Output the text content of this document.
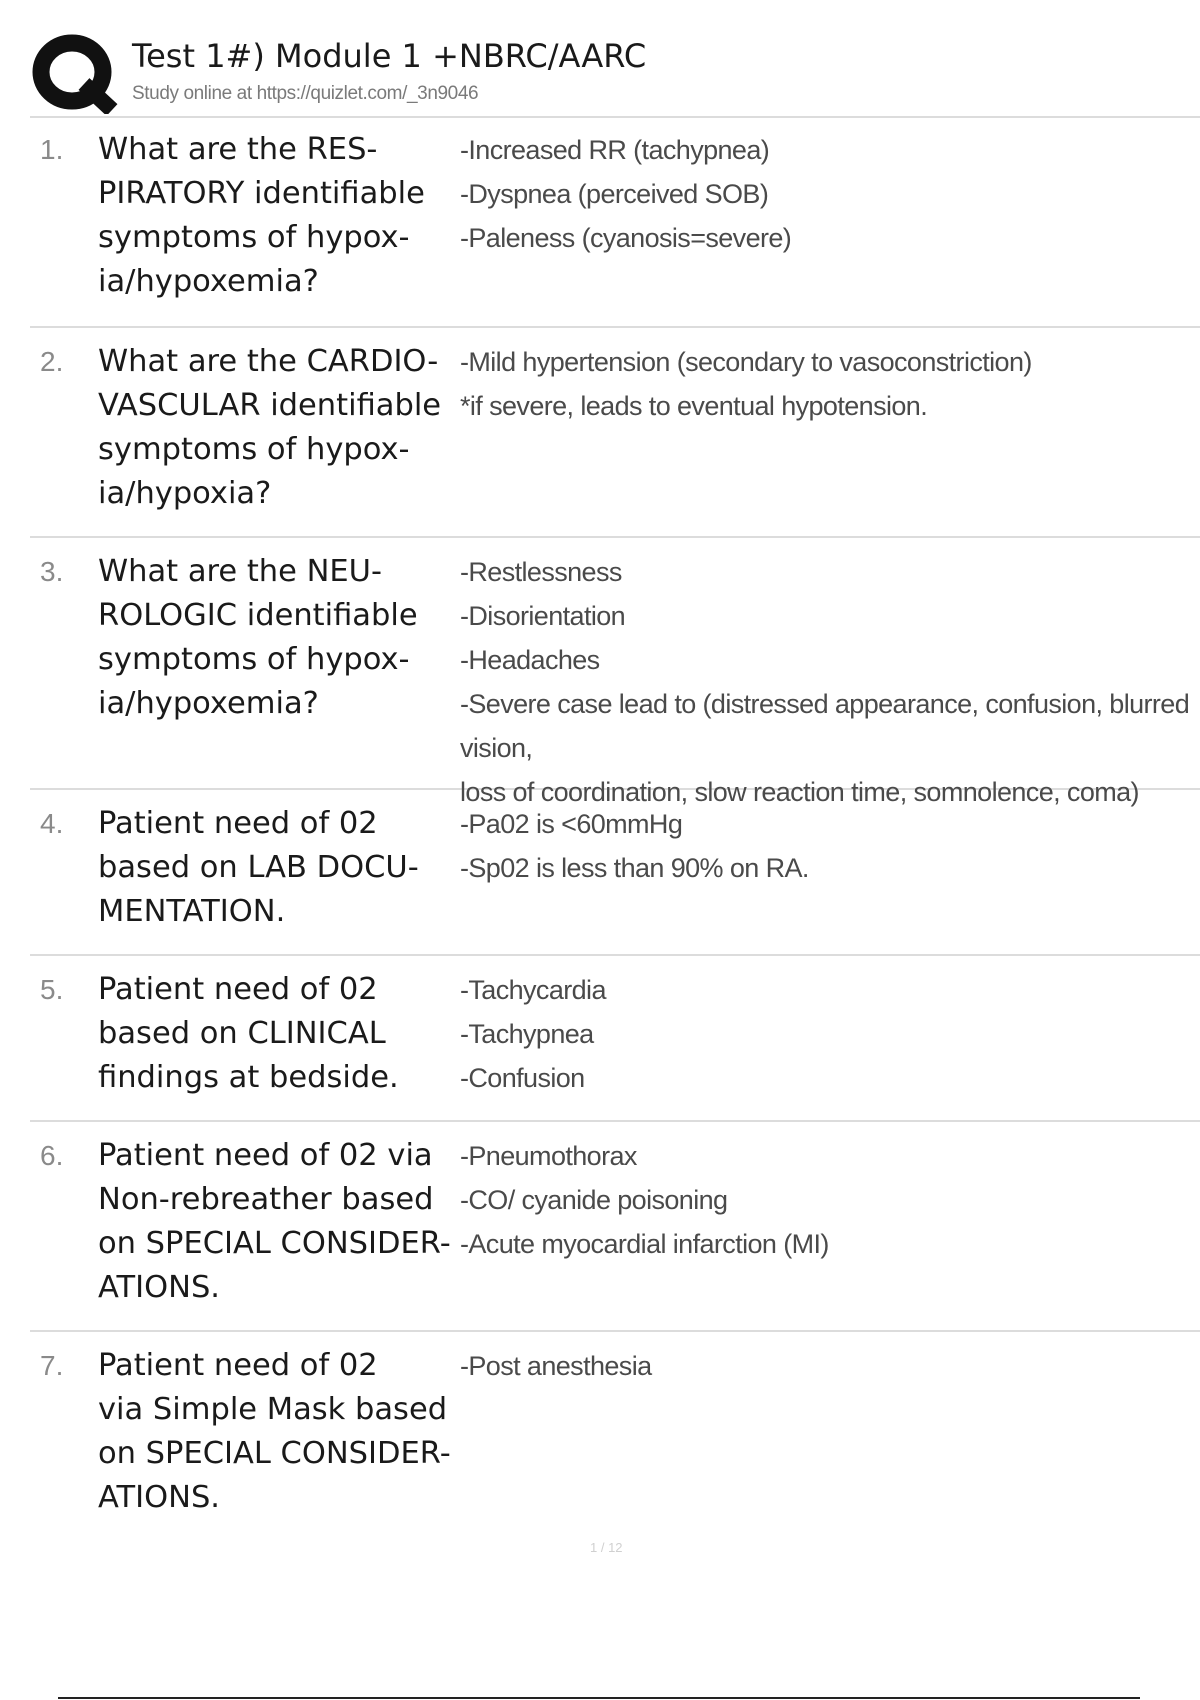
Test 1#) Module 1 +NBRC/AARC
Study online at https://quizlet.com/_3n9046
1. What are the RES-
PIRATORY identifiable
symptoms of hypox-
ia/hypoxemia?
-Increased RR (tachypnea)
-Dyspnea (perceived SOB)
-Paleness (cyanosis=severe)
2. What are the CARDIO-
VASCULAR identifiable
symptoms of hypox-
ia/hypoxia?
-Mild hypertension (secondary to vasoconstriction)
*if severe, leads to eventual hypotension.
3. What are the NEU-
ROLOGIC identifiable
symptoms of hypox-
ia/hypoxemia?
-Restlessness
-Disorientation
-Headaches
-Severe case lead to (distressed appearance, confusion, blurred vision,
loss of coordination, slow reaction time, somnolence, coma)
4. Patient need of 02
based on LAB DOCU-
MENTATION.
-Pa02 is <60mmHg
-Sp02 is less than 90% on RA.
5. Patient need of 02
based on CLINICAL
findings at bedside.
-Tachycardia
-Tachypnea
-Confusion
6. Patient need of 02 via
Non-rebreather based
on SPECIAL CONSIDER-
ATIONS.
-Pneumothorax
-CO/ cyanide poisoning
-Acute myocardial infarction (MI)
7. Patient need of 02
via Simple Mask based
on SPECIAL CONSIDER-
ATIONS.
-Post anesthesia
1 / 12
